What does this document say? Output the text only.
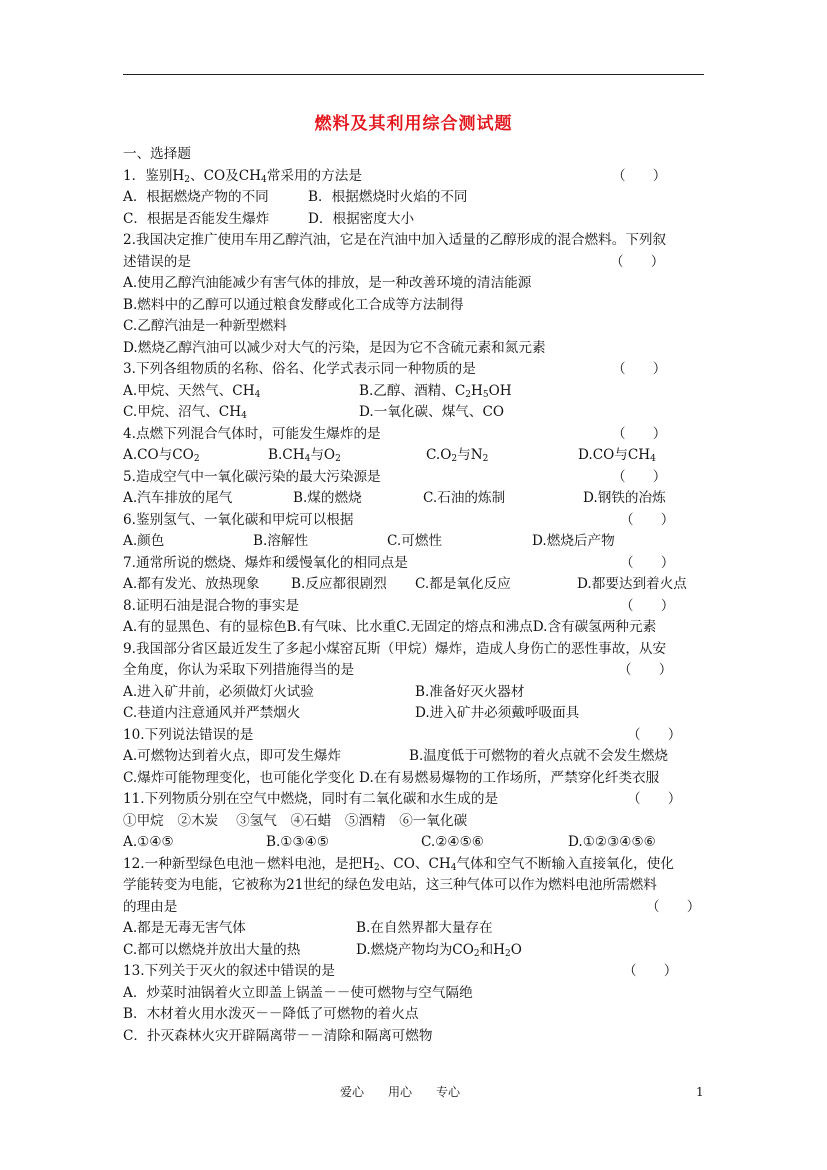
燃料及其利用综合测试题
一、选择题
1．鉴别$H_2$、CO及$CH_4$常采用的方法是	（　　）
A．根据燃烧产物的不同	B．根据燃烧时火焰的不同
C．根据是否能发生爆炸	D．根据密度大小
2.我国决定推广使用车用乙醇汽油，它是在汽油中加入适量的乙醇形成的混合燃料。下列叙
述错误的是	（　　）
A.使用乙醇汽油能减少有害气体的排放，是一种改善环境的清洁能源
B.燃料中的乙醇可以通过粮食发酵或化工合成等方法制得
C.乙醇汽油是一种新型燃料
D.燃烧乙醇汽油可以减少对大气的污染，是因为它不含硫元素和氮元素
3.下列各组物质的名称、俗名、化学式表示同一种物质的是	（　　）
A.甲烷、天然气、$CH_4$	B.乙醇、酒精、$C_2H_5OH$
C.甲烷、沼气、$CH_4$	D.一氧化碳、煤气、CO
4.点燃下列混合气体时，可能发生爆炸的是	（　　）
A.CO与$CO_2$	$B.CH_4$与$O_2$	$C.O_2$与$N_2$	D.CO与$CH_4$
5.造成空气中一氧化碳污染的最大污染源是	（　　）
A.汽车排放的尾气	B.煤的燃烧	C.石油的炼制	D.钢铁的冶炼
6.鉴别氢气、一氧化碳和甲烷可以根据	（　　）
A.颜色	B.溶解性	C.可燃性	D.燃烧后产物
7.通常所说的燃烧、爆炸和缓慢氧化的相同点是	（　　）
A.都有发光、放热现象 B.反应都很剧烈 C.都是氧化反应	D.都要达到着火点
8.证明石油是混合物的事实是	（　　）
A.有的显黑色、有的显棕色B.有气味、比水重C.无固定的熔点和沸点D.含有碳氢两种元素
9.我国部分省区最近发生了多起小煤窑瓦斯（甲烷）爆炸，造成人身伤亡的恶性事故，从安
全角度，你认为采取下列措施得当的是	（　　）
A.进入矿井前，必须做灯火试验	B.准备好灭火器材
C.巷道内注意通风并严禁烟火	D.进入矿井必须戴呼吸面具
10.下列说法错误的是	（　　）
A.可燃物达到着火点，即可发生爆炸	B.温度低于可燃物的着火点就不会发生燃烧
C.爆炸可能物理变化，也可能化学变化 D.在有易燃易爆物的工作场所，严禁穿化纤类衣服
11.下列物质分别在空气中燃烧，同时有二氧化碳和水生成的是	（　　）
①甲烷　②木炭　 ③氢气　④石蜡　⑤酒精　⑥一氧化碳
A.①④⑤	B.①③④⑤	C.②④⑤⑥	D.①②③④⑤⑥
12.一种新型绿色电池－燃料电池，是把$H_2$、CO、$CH_4$气体和空气不断输入直接氧化，使化
学能转变为电能，它被称为21世纪的绿色发电站，这三种气体可以作为燃料电池所需燃料
的理由是	（　　）
A.都是无毒无害气体	B.在自然界都大量存在
C.都可以燃烧并放出大量的热	D.燃烧产物均为$CO_2$和$H_2O$
13.下列关于灭火的叙述中错误的是	（　　）
A．炒菜时油锅着火立即盖上锅盖－－使可燃物与空气隔绝
B．木材着火用水泼灭－－降低了可燃物的着火点
C．扑灭森林火灾开辟隔离带－－清除和隔离可燃物
爱心　　用心　　专心	1
